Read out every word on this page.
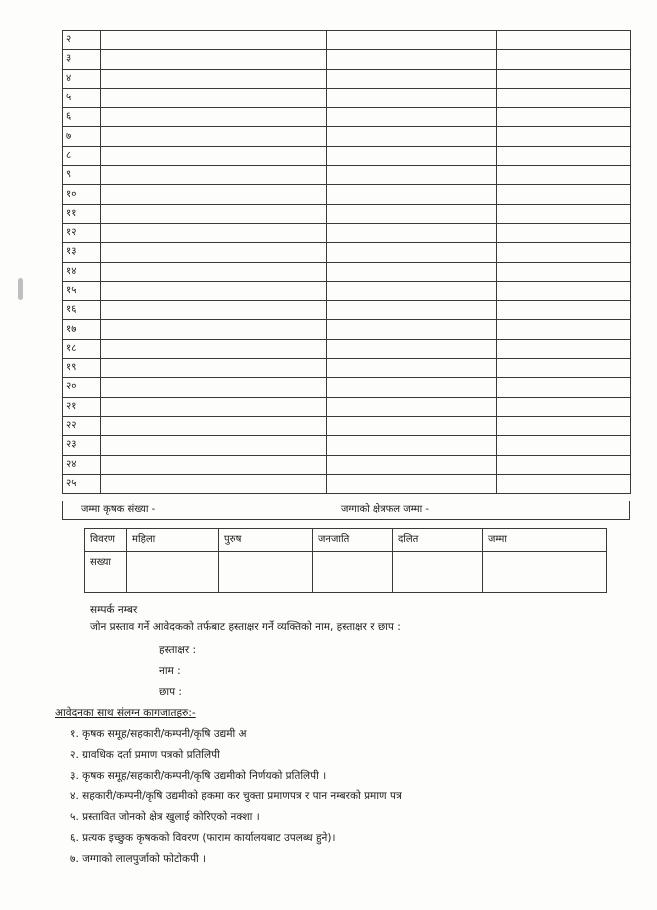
२			
३			
४			
५			
६			
७			
८			
९			
१०			
११			
१२			
१३			
१४			
१५			
१६			
१७			
१८			
१९			
२०			
२१			
२२			
२३			
२४			
२५			
जम्मा कृषक संख्या -	जग्गाको क्षेत्रफल जम्मा -
विवरण	महिला	पुरुष	जनजाति	दलित	जम्मा
सख्या					
सम्पर्क नम्बर
जोन प्रस्ताव गर्ने आवेदकको तर्फबाट हस्ताक्षर गर्ने व्यक्तिको नाम, हस्ताक्षर र छाप :
हस्ताक्षर :
नाम :
छाप :
आवेदनका साथ संलग्न कागजातहरु:-
१. कृषक समूह/सहकारी/कम्पनी/कृषि उद्यमी अ
२. ग्रावधिक दर्ता प्रमाण पत्रको प्रतिलिपी
३. कृषक समूह/सहकारी/कम्पनी/कृषि उद्यमीको निर्णयको प्रतिलिपी ।
४. सहकारी/कम्पनी/कृषि उद्यमीको हकमा कर चुक्ता प्रमाणपत्र र पान नम्बरको प्रमाण पत्र
५. प्रस्तावित जोनको क्षेत्र खुलाई कोरिएको नक्शा ।
६. प्रत्यक इच्छुक कृषकको विवरण (फाराम कार्यालयबाट उपलब्ध हुने)।
७. जग्गाको लालपुर्जाको फोटोकपी ।
